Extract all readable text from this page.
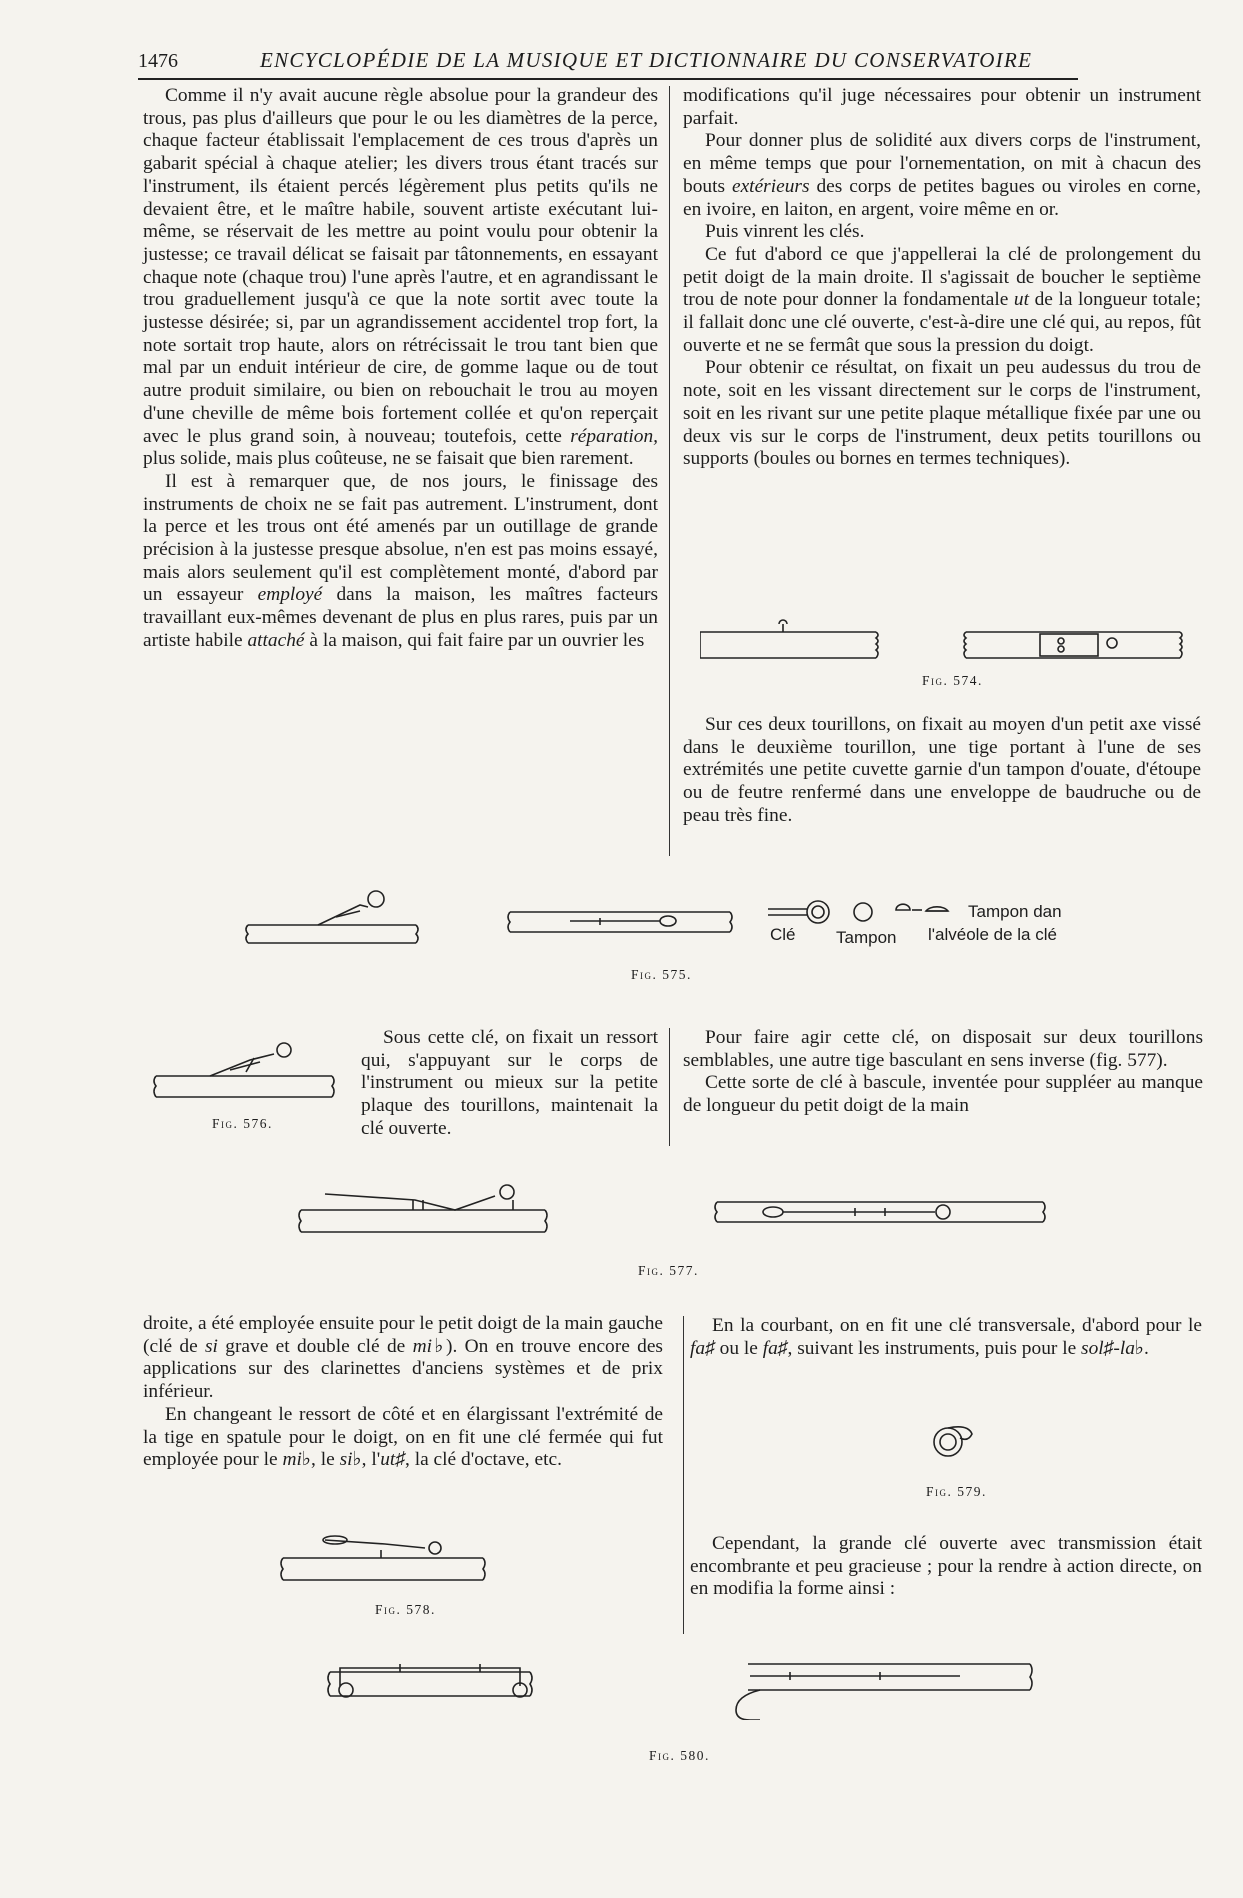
1476	ENCYCLOPÉDIE DE LA MUSIQUE ET DICTIONNAIRE DU CONSERVATOIRE

Comme il n'y avait aucune règle absolue pour la grandeur des trous, pas plus d'ailleurs que pour le ou les diamètres de la perce, chaque facteur établissait l'emplacement de ces trous d'après un gabarit spécial à chaque atelier; les divers trous étant tracés sur l'instrument, ils étaient percés légèrement plus petits qu'ils ne devaient être, et le maître habile, souvent artiste exécutant lui-même, se réservait de les mettre au point voulu pour obtenir la justesse; ce travail délicat se faisait par tâtonnements, en essayant chaque note (chaque trou) l'une après l'autre, et en agrandissant le trou graduellement jusqu'à ce que la note sortit avec toute la justesse désirée; si, par un agrandissement accidentel trop fort, la note sortait trop haute, alors on rétrécissait le trou tant bien que mal par un enduit intérieur de cire, de gomme laque ou de tout autre produit similaire, ou bien on rebouchait le trou au moyen d'une cheville de même bois fortement collée et qu'on reperçait avec le plus grand soin, à nouveau; toutefois, cette réparation, plus solide, mais plus coûteuse, ne se faisait que bien rarement.

Il est à remarquer que, de nos jours, le finissage des instruments de choix ne se fait pas autrement. L'instrument, dont la perce et les trous ont été amenés par un outillage de grande précision à la justesse presque absolue, n'en est pas moins essayé, mais alors seulement qu'il est complètement monté, d'abord par un essayeur employé dans la maison, les maîtres facteurs travaillant eux-mêmes devenant de plus en plus rares, puis par un artiste habile attaché à la maison, qui fait faire par un ouvrier les

modifications qu'il juge nécessaires pour obtenir un instrument parfait.

Pour donner plus de solidité aux divers corps de l'instrument, en même temps que pour l'ornementation, on mit à chacun des bouts extérieurs des corps de petites bagues ou viroles en corne, en ivoire, en laiton, en argent, voire même en or.

Puis vinrent les clés.

Ce fut d'abord ce que j'appellerai la clé de prolongement du petit doigt de la main droite. Il s'agissait de boucher le septième trou de note pour donner la fondamentale ut de la longueur totale; il fallait donc une clé ouverte, c'est-à-dire une clé qui, au repos, fût ouverte et ne se fermât que sous la pression du doigt.

Pour obtenir ce résultat, on fixait un peu audessus du trou de note, soit en les vissant directement sur le corps de l'instrument, soit en les rivant sur une petite plaque métallique fixée par une ou deux vis sur le corps de l'instrument, deux petits tourillons ou supports (boules ou bornes en termes techniques).

Fig. 574.

Sur ces deux tourillons, on fixait au moyen d'un petit axe vissé dans le deuxième tourillon, une tige portant à l'une de ses extrémités une petite cuvette garnie d'un tampon d'ouate, d'étoupe ou de feutre renfermé dans une enveloppe de baudruche ou de peau très fine.

Clé Tampon
Tampon dan
l'alvéole de la clé
Fig. 575.
Fig. 576.

Sous cette clé, on fixait un ressort qui, s'appuyant sur le corps de l'instrument ou mieux sur la petite plaque des tourillons, maintenait la clé ouverte.

Pour faire agir cette clé, on disposait sur deux tourillons semblables, une autre tige basculant en sens inverse (fig. 577).

Cette sorte de clé à bascule, inventée pour suppléer au manque de longueur du petit doigt de la main

Fig. 577.

droite, a été employée ensuite pour le petit doigt de la main gauche (clé de si grave et double clé de mi♭). On en trouve encore des applications sur des clarinettes d'anciens systèmes et de prix inférieur.

En changeant le ressort de côté et en élargissant l'extrémité de la tige en spatule pour le doigt, on en fit une clé fermée qui fut employée pour le mi♭, le si♭, l'ut♯, la clé d'octave, etc.

Fig. 578.

En la courbant, on en fit une clé transversale, d'abord pour le fa♯ ou le fa♯, suivant les instruments, puis pour le sol♯-la♭.

Fig. 579.

Cependant, la grande clé ouverte avec transmission était encombrante et peu gracieuse ; pour la rendre à action directe, on en modifia la forme ainsi :

Fig. 580.
